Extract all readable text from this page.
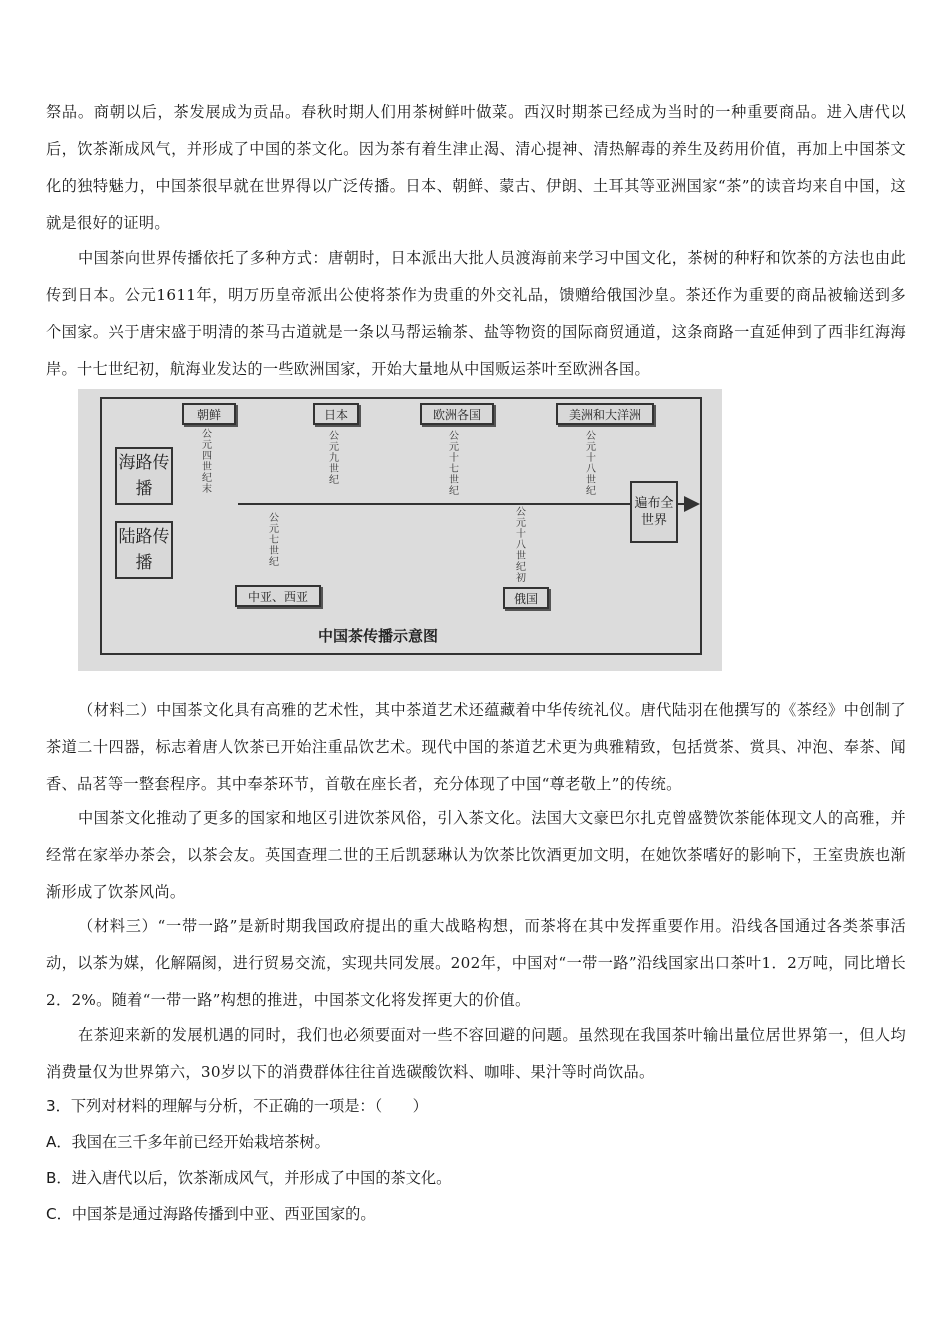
祭品。商朝以后，茶发展成为贡品。春秋时期人们用茶树鲜叶做菜。西汉时期茶已经成为当时的一种重要商品。进入唐代以后，饮茶渐成风气，并形成了中国的茶文化。因为茶有着生津止渴、清心提神、清热解毒的养生及药用价值，再加上中国茶文化的独特魅力，中国茶很早就在世界得以广泛传播。日本、朝鲜、蒙古、伊朗、土耳其等亚洲国家“茶”的读音均来自中国，这就是很好的证明。

中国茶向世界传播依托了多种方式：唐朝时，日本派出大批人员渡海前来学习中国文化，茶树的种籽和饮茶的方法也由此传到日本。公元1611年，明万历皇帝派出公使将茶作为贵重的外交礼品，馈赠给俄国沙皇。茶还作为重要的商品被输送到多个国家。兴于唐宋盛于明清的茶马古道就是一条以马帮运输茶、盐等物资的国际商贸通道，这条商路一直延伸到了西非红海海岸。十七世纪初，航海业发达的一些欧洲国家，开始大量地从中国贩运茶叶至欧洲各国。

海路传播
陆路传播
朝鲜	日本	欧洲各国	美洲和大洋洲
公元四世纪末
公元九世纪
公元十七世纪
公元十八世纪
遍布全世界
公元七世纪
公元十八世纪初
中亚、西亚	俄国
中国茶传播示意图

（材料二）中国茶文化具有高雅的艺术性，其中茶道艺术还蕴藏着中华传统礼仪。唐代陆羽在他撰写的《茶经》中创制了茶道二十四器，标志着唐人饮茶已开始注重品饮艺术。现代中国的茶道艺术更为典雅精致，包括赏茶、赏具、冲泡、奉茶、闻香、品茗等一整套程序。其中奉茶环节，首敬在座长者，充分体现了中国“尊老敬上”的传统。

中国茶文化推动了更多的国家和地区引进饮茶风俗，引入茶文化。法国大文豪巴尔扎克曾盛赞饮茶能体现文人的高雅，并经常在家举办茶会，以茶会友。英国查理二世的王后凯瑟琳认为饮茶比饮酒更加文明，在她饮茶嗜好的影响下，王室贵族也渐渐形成了饮茶风尚。

（材料三）“一带一路”是新时期我国政府提出的重大战略构想，而茶将在其中发挥重要作用。沿线各国通过各类茶事活动，以茶为媒，化解隔阂，进行贸易交流，实现共同发展。202年，中国对“一带一路”沿线国家出口茶叶1．2万吨，同比增长2．2%。随着“一带一路”构想的推进，中国茶文化将发挥更大的价值。

在茶迎来新的发展机遇的同时，我们也必须要面对一些不容回避的问题。虽然现在我国茶叶输出量位居世界第一，但人均消费量仅为世界第六，30岁以下的消费群体往往首选碳酸饮料、咖啡、果汁等时尚饮品。

3．下列对材料的理解与分析，不正确的一项是：（　　）

A．我国在三千多年前已经开始栽培茶树。

B．进入唐代以后，饮茶渐成风气，并形成了中国的茶文化。

C．中国茶是通过海路传播到中亚、西亚国家的。
